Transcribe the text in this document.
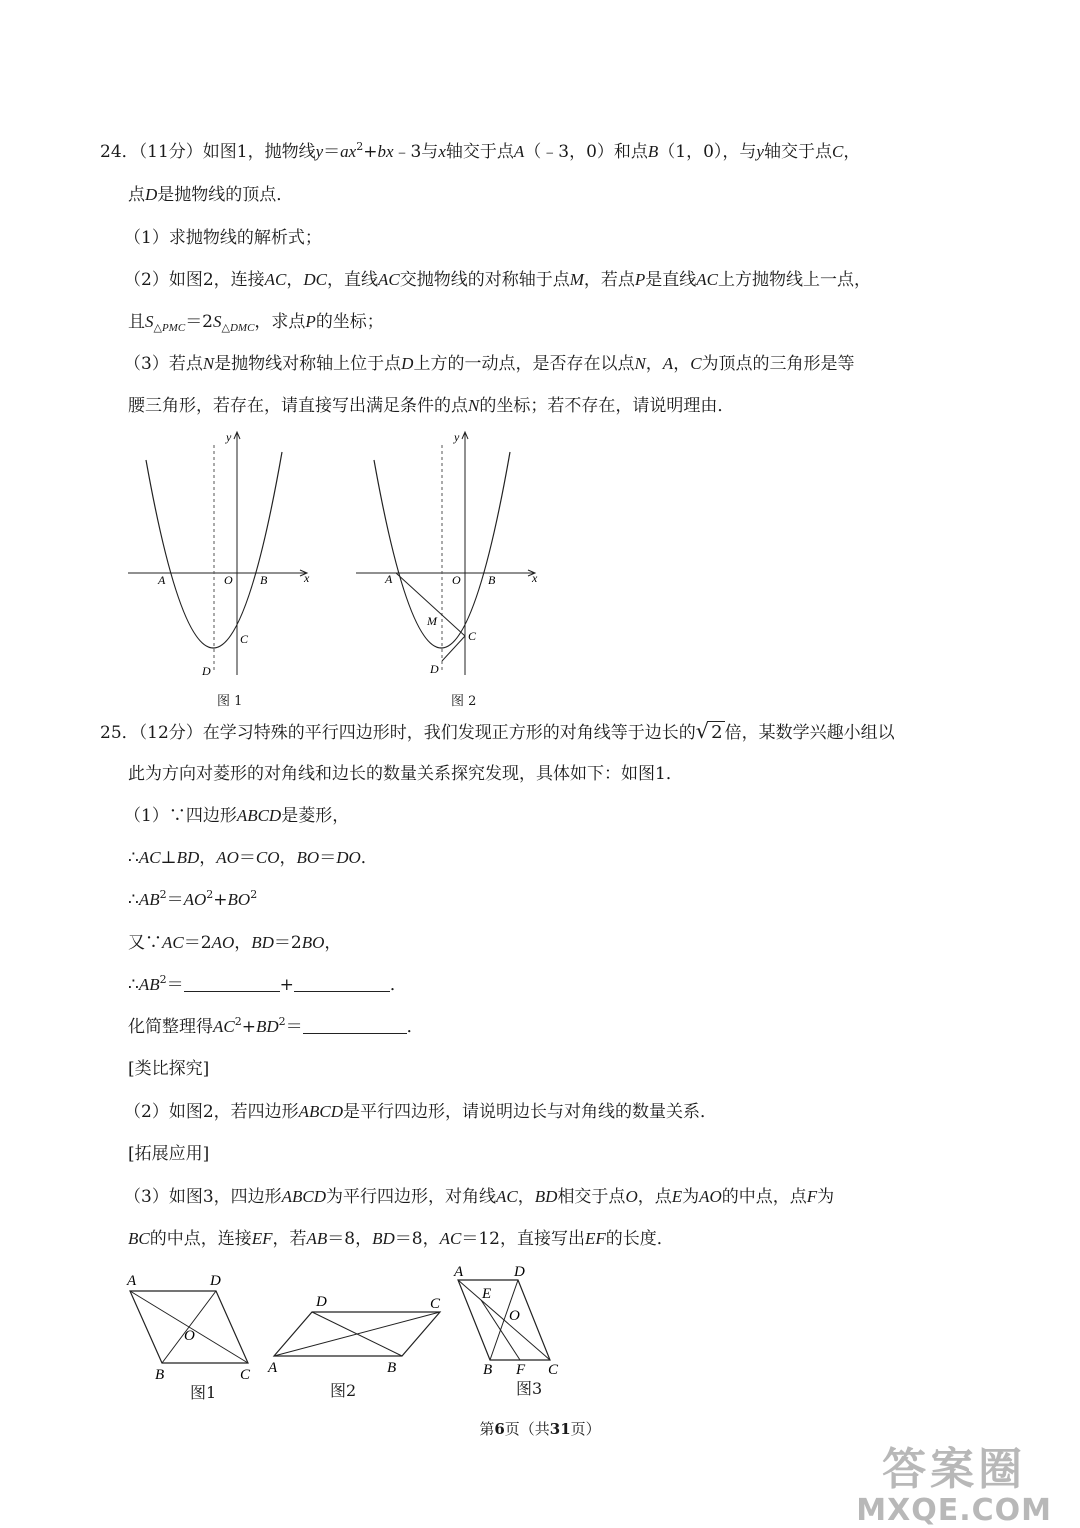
24．（11分）如图1，抛物线$y=ax^2+bx﹣3$与x轴交于点A（﹣3，0）和点B（1，0），与y轴交于点C，
点D是抛物线的顶点．
（1）求抛物线的解析式；
（2）如图2，连接AC，DC，直线AC交抛物线的对称轴于点M，若点P是直线AC上方抛物线上一点，
且$S_{\triangle PMC}=2S_{\triangle DMC}$，求点P的坐标；
（3）若点N是抛物线对称轴上位于点D上方的一动点，是否存在以点N，A，C为顶点的三角形是等
腰三角形，若存在，请直接写出满足条件的点N的坐标；若不存在，请说明理由．
y
x
A	O B
C
D
图 1
y
x
A	O B
M
C
D
图 2
25．（12分）在学习特殊的平行四边形时，我们发现正方形的对角线等于边长的√ 2 倍，某数学兴趣小组以
此为方向对菱形的对角线和边长的数量关系探究发现，具体如下：如图1．
（1）∵四边形ABCD是菱形，
∴AC⊥BD，AO＝CO，BO＝DO．
$\therefore AB^2=AO^2+BO^2$
又∵AC＝2AO，BD＝2BO，
$\therefore AB^2=$	+	．
化简整理得$AC^2+BD^2=$	．
[类比探究]
（2）如图2，若四边形ABCD是平行四边形，请说明边长与对角线的数量关系．
[拓展应用]
（3）如图3，四边形ABCD为平行四边形，对角线AC，BD相交于点O，点E为AO的中点，点F为
BC的中点，连接EF，若AB＝8，BD＝8，AC＝12，直接写出EF的长度．
A	D
O
B	C
图1
D	C
A	B
图2
A	D
E
O
B F C
图3
第6页（共31页）
答案圈
MXQE.COM
